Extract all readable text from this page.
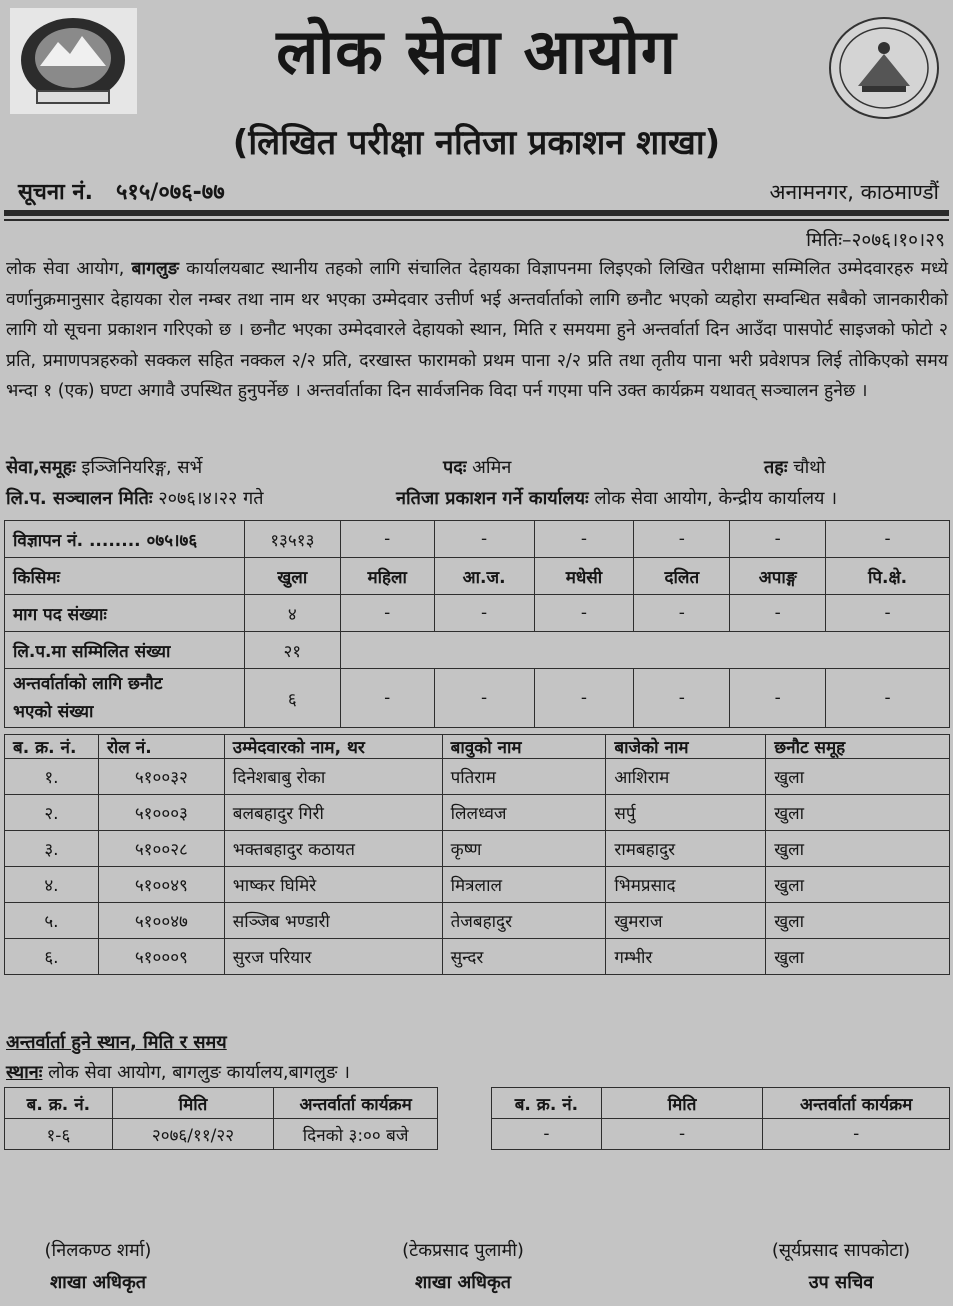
लोक सेवा आयोग
(लिखित परीक्षा नतिजा प्रकाशन शाखा)
सूचना नं. ५१५/०७६-७७	अनामनगर, काठमाण्डौं
मितिः–२०७६।१०।२९
लोक सेवा आयोग, बागलुङ कार्यालयबाट स्थानीय तहको लागि संचालित देहायका विज्ञापनमा लिइएको लिखित परीक्षामा सम्मिलित उम्मेदवारहरु मध्ये वर्णानुक्रमानुसार देहायका रोल नम्बर तथा नाम थर भएका उम्मेदवार उत्तीर्ण भई अन्तर्वार्ताको लागि छनौट भएको व्यहोरा सम्वन्धित सबैको जानकारीको लागि यो सूचना प्रकाशन गरिएको छ । छनौट भएका उम्मेदवारले देहायको स्थान, मिति र समयमा हुने अन्तर्वार्ता दिन आउँदा पासपोर्ट साइजको फोटो २ प्रति, प्रमाणपत्रहरुको सक्कल सहित नक्कल २/२ प्रति, दरखास्त फारामको प्रथम पाना २/२ प्रति तथा तृतीय पाना भरी प्रवेशपत्र लिई तोकिएको समय भन्दा १ (एक) घण्टा अगावै उपस्थित हुनुपर्नेछ । अन्तर्वार्ताका दिन सार्वजनिक विदा पर्न गएमा पनि उक्त कार्यक्रम यथावत् सञ्चालन हुनेछ ।
सेवा,समूहः इञ्जिनियरिङ्ग, सर्भे	पदः अमिन	तहः चौथो
लि.प. सञ्चालन मितिः २०७६।४।२२ गते	नतिजा प्रकाशन गर्ने कार्यालयः लोक सेवा आयोग, केन्द्रीय कार्यालय ।
विज्ञापन नं. ........ ०७५।७६	१३५१३	-	-	-	-	-	-
किसिमः	खुला	महिला	आ.ज.	मधेसी	दलित	अपाङ्ग	पि.क्षे.
माग पद संख्याः	४	-	-	-	-	-	-
लि.प.मा सम्मिलित संख्या	२१						
अन्तर्वार्ताको लागि छनौट
भएको संख्या	६	-	-	-	-	-	-
ब. क्र. नं.	रोल नं.	उम्मेदवारको नाम, थर	बावुको नाम	बाजेको नाम	छनौट समूह
१.	५१००३२	दिनेशबाबु रोका	पतिराम	आशिराम	खुला
२.	५१०००३	बलबहादुर गिरी	लिलध्वज	सर्पु	खुला
३.	५१००२८	भक्तबहादुर कठायत	कृष्ण	रामबहादुर	खुला
४.	५१००४९	भाष्कर घिमिरे	मित्रलाल	भिमप्रसाद	खुला
५.	५१००४७	सञ्जिब भण्डारी	तेजबहादुर	खुमराज	खुला
६.	५१०००९	सुरज परियार	सुन्दर	गम्भीर	खुला
अन्तर्वार्ता हुने स्थान, मिति र समय
स्थानः लोक सेवा आयोग, बागलुङ कार्यालय,बागलुङ ।
ब. क्र. नं.	मिति	अन्तर्वार्ता कार्यक्रम
१-६	२०७६/११/२२	दिनको ३:०० बजे
ब. क्र. नं.	मिति	अन्तर्वार्ता कार्यक्रम
-	-	-
(निलकण्ठ शर्मा)
शाखा अधिकृत
(टेकप्रसाद पुलामी)
शाखा अधिकृत
(सूर्यप्रसाद सापकोटा)
उप सचिव
